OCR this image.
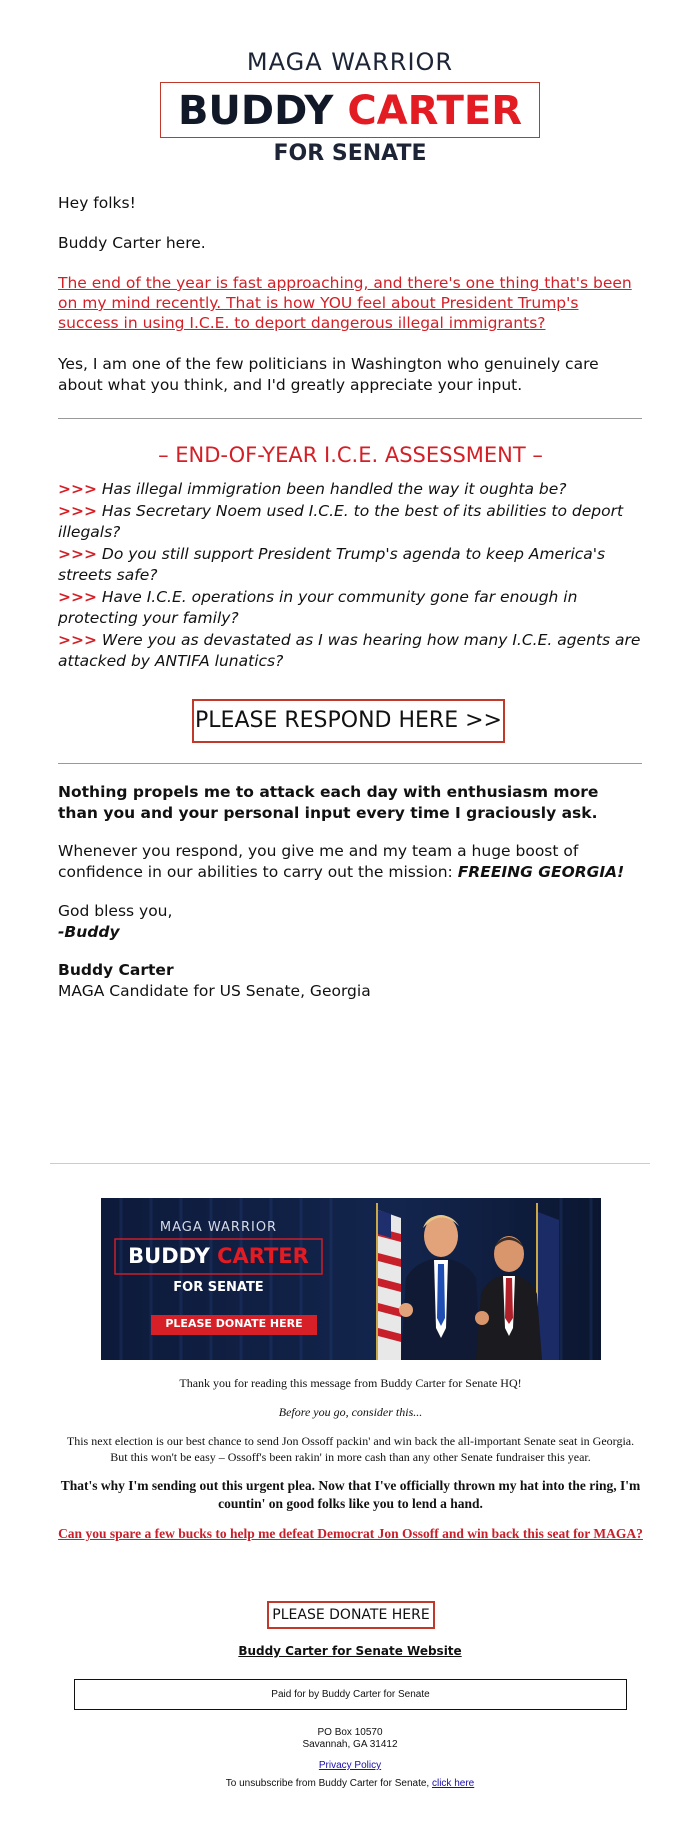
MAGA WARRIOR
BUDDY CARTER
FOR SENATE

Hey folks!

Buddy Carter here.

The end of the year is fast approaching, and there's one thing that's been on my mind recently. That is how YOU feel about President Trump's success in using I.C.E. to deport dangerous illegal immigrants?

Yes, I am one of the few politicians in Washington who genuinely care about what you think, and I'd greatly appreciate your input.

– END-OF-YEAR I.C.E. ASSESSMENT –

>>> Has illegal immigration been handled the way it oughta be?

>>> Has Secretary Noem used I.C.E. to the best of its abilities to deport illegals?

>>> Do you still support President Trump's agenda to keep America's streets safe?

>>> Have I.C.E. operations in your community gone far enough in protecting your family?

>>> Were you as devastated as I was hearing how many I.C.E. agents are attacked by ANTIFA lunatics?

PLEASE RESPOND HERE >>

Nothing propels me to attack each day with enthusiasm more than you and your personal input every time I graciously ask.

Whenever you respond, you give me and my team a huge boost of confidence in our abilities to carry out the mission: FREEING GEORGIA!

God bless you,

-Buddy

Buddy Carter

MAGA Candidate for US Senate, Georgia

MAGA WARRIOR
BUDDY CARTER
FOR SENATE
PLEASE DONATE HERE

Thank you for reading this message from Buddy Carter for Senate HQ!

Before you go, consider this...

This next election is our best chance to send Jon Ossoff packin' and win back the all-important Senate seat in Georgia. But this won't be easy – Ossoff's been rakin' in more cash than any other Senate fundraiser this year.

That's why I'm sending out this urgent plea. Now that I've officially thrown my hat into the ring, I'm countin' on good folks like you to lend a hand.

Can you spare a few bucks to help me defeat Democrat Jon Ossoff and win back this seat for MAGA?

PLEASE DONATE HERE
Buddy Carter for Senate Website
Paid for by Buddy Carter for Senate
PO Box 10570
Savannah, GA 31412
Privacy Policy
To unsubscribe from Buddy Carter for Senate, click here
